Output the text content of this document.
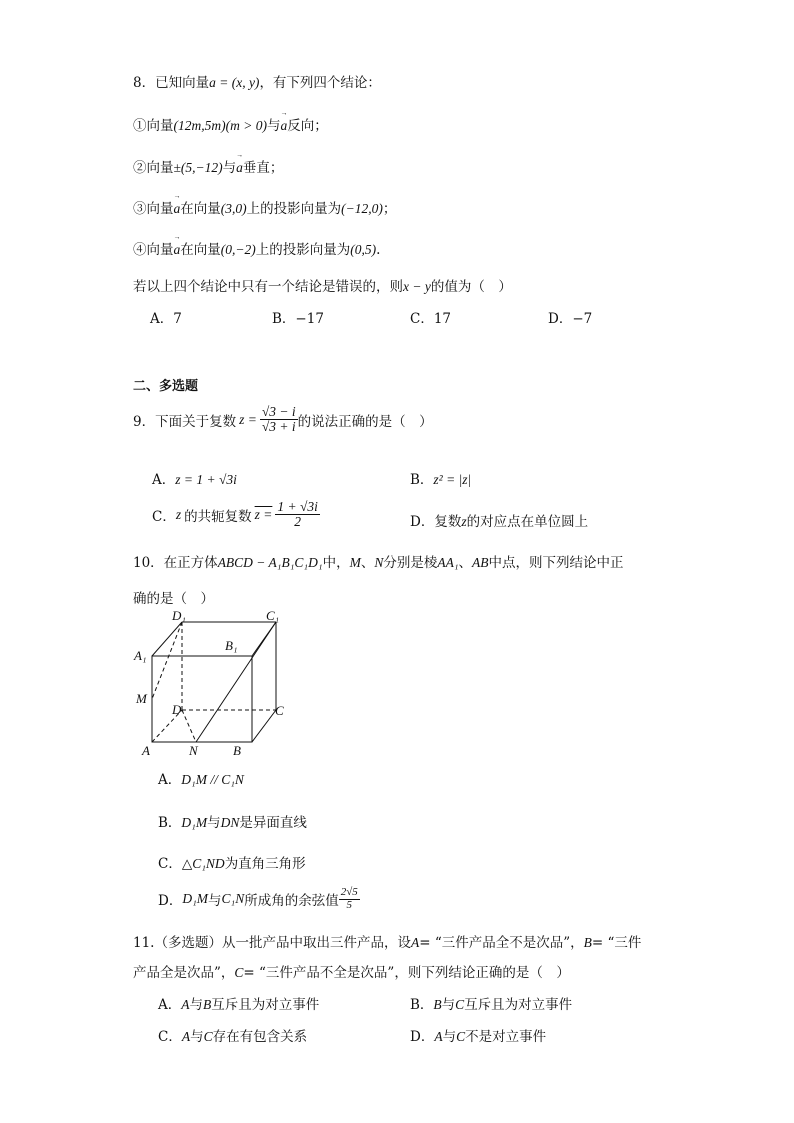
8．已知向量a = (x, y)，有下列四个结论：
①向量(12m,5m)(m > 0)与→ a反向；
②向量±(5,−12)与→ a垂直；
③向量→ a在向量(3,0)上的投影向量为(−12,0)；
④向量→ a在向量(0,−2)上的投影向量为(0,5).
若以上四个结论中只有一个结论是错误的，则x − y的值为（　）
A．7	B．−17	C．17	D．−7
二、多选题
9．下面关于复数 $z = \frac{√3 - i}{√3 + i}$ 的说法正确的是（　）
A．z = 1 + √3i	B．z² = |z|
C． z 的共轭复数 $z = \frac{1 + √3i}{2}$	D．复数z的对应点在单位圆上
10．在正方体ABCD − A₁B₁C₁D₁中，M、N分别是棱AA₁、AB中点，则下列结论中正
确的是（　）
D₁	C₁
A₁
B₁
M
D	C
A	N	B
A．D₁M // C₁N
B．D₁M与DN是异面直线
C．△C₁ND为直角三角形
D． D₁M 与 C₁N 所成角的余弦值 $\frac{2√5}{5}$
11.（多选题）从一批产品中取出三件产品，设A= “三件产品全不是次品”，B= “三件
产品全是次品”，C= “三件产品不全是次品”，则下列结论正确的是（　）
A．A与B互斥且为对立事件	B．B与C互斥且为对立事件
C．A与C存在有包含关系	D．A与C不是对立事件
